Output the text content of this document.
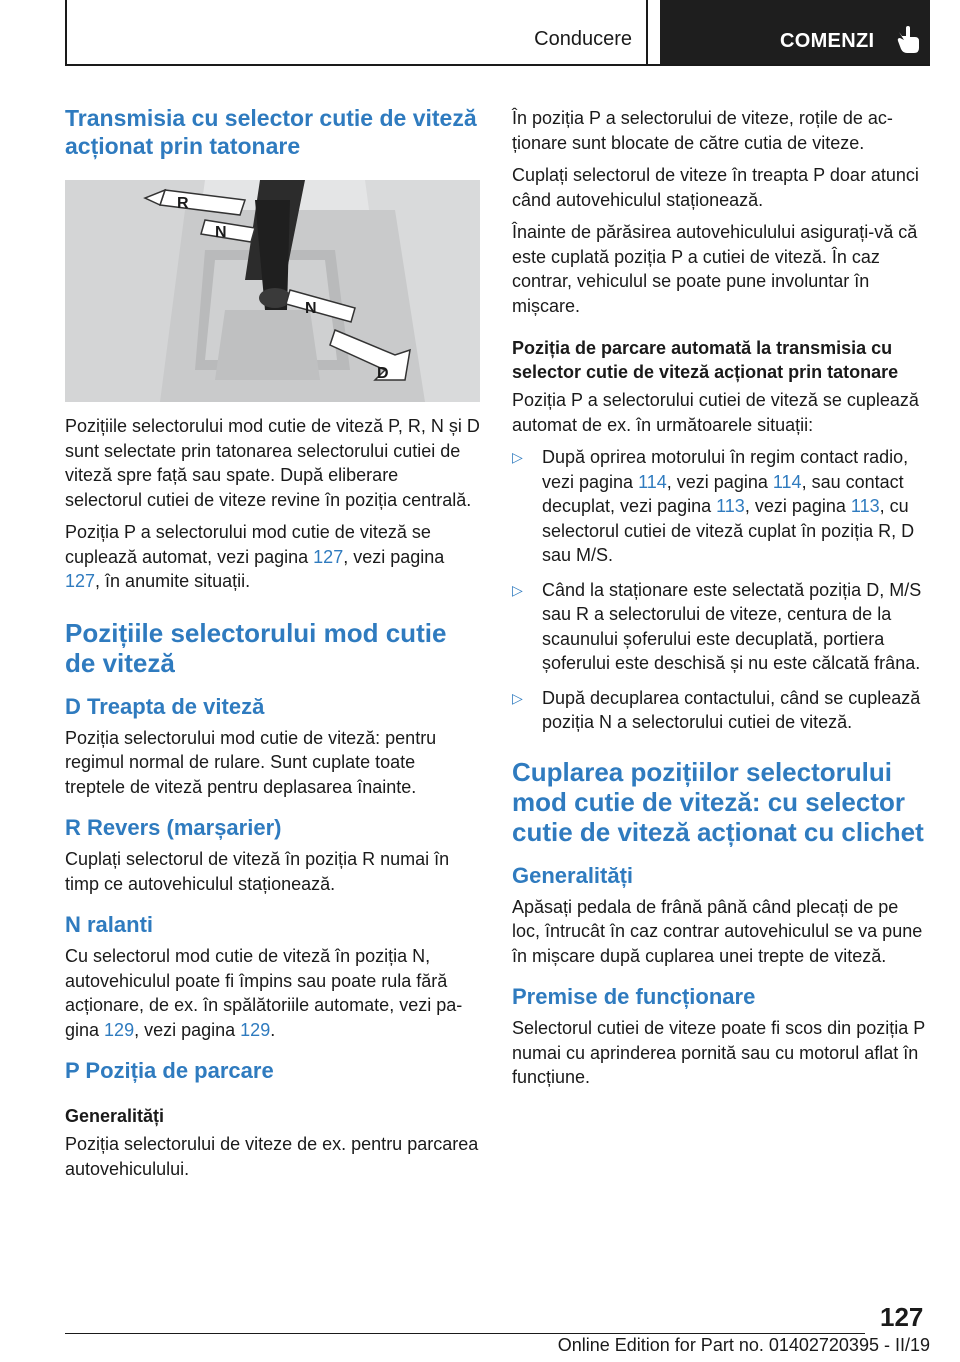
Conducere	COMENZI
Transmisia cu selector cutie de viteză acționat prin tatonare
R
N
N
D

Pozițiile selectorului mod cutie de viteză P, R, N și D sunt selectate prin tatonarea selectorului cutiei de viteză spre față sau spate. După eliberare selectorul cutiei de viteze revine în poziția centrală.

Poziția P a selectorului mod cutie de viteză se cuplează automat, vezi pagina 127, vezi pagina 127, în anumite situații.

Pozițiile selectorului mod cutie de viteză
D Treapta de viteză

Poziția selectorului mod cutie de viteză: pentru regimul normal de rulare. Sunt cuplate toate treptele de viteză pentru deplasarea înainte.

R Revers (marșarier)

Cuplați selectorul de viteză în poziția R numai în timp ce autovehiculul staționează.

N ralanti

Cu selectorul mod cutie de viteză în poziția N, autovehiculul poate fi împins sau poate rula fără acționare, de ex. în spălătoriile automate, vezi pagina 129, vezi pagina 129.

P Poziția de parcare
Generalități

Poziția selectorului de viteze de ex. pentru parcarea autovehiculului.

În poziția P a selectorului de viteze, roțile de acționare sunt blocate de către cutia de viteze.

Cuplați selectorul de viteze în treapta P doar atunci când autovehiculul staționează.

Înainte de părăsirea autovehiculului asigurați-vă că este cuplată poziția P a cutiei de viteză. În caz contrar, vehiculul se poate pune involuntar în mișcare.

Poziția de parcare automată la transmisia cu selector cutie de viteză acționat prin tatonare

Poziția P a selectorului cutiei de viteză se cuplează automat de ex. în următoarele situații:

▷ După oprirea motorului în regim contact radio, vezi pagina 114, vezi pagina 114, sau contact decuplat, vezi pagina 113, vezi pagina 113, cu selectorul cutiei de viteză cuplat în poziția R, D sau M/S.
▷ Când la staționare este selectată poziția D, M/S sau R a selectorului de viteze, centura de la scaunului șoferului este decuplată, portiera șoferului este deschisă și nu este călcată frâna.
▷ După decuplarea contactului, când se cuplează poziția N a selectorului cutiei de viteză.
Cuplarea pozițiilor selectorului mod cutie de viteză: cu selector cutie de viteză acționat cu clichet
Generalități

Apăsați pedala de frână până când plecați de pe loc, întrucât în caz contrar autovehiculul se va pune în mișcare după cuplarea unei trepte de viteză.

Premise de funcționare

Selectorul cutiei de viteze poate fi scos din poziția P numai cu aprinderea pornită sau cu motorul aflat în funcțiune.

127
Online Edition for Part no. 01402720395 - II/19
